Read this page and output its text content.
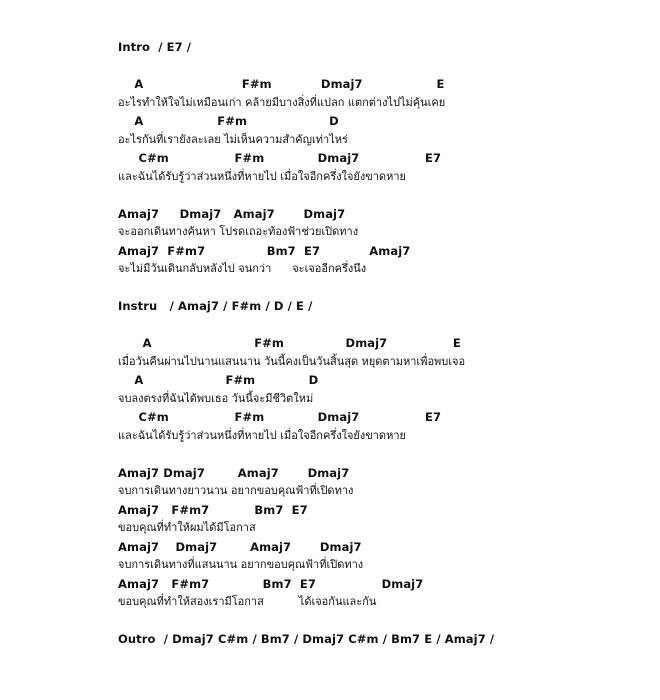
Intro  / E7 /
A                        F#m            Dmaj7                  E
อะไรทำให้ใจไม่เหมือนเก่า คล้ายมีบางสิ่งที่แปลก แตกต่างไปไม่คุ้นเคย
A                  F#m                    D
อะไรกันที่เรายังละเลย ไม่เห็นความสำคัญเท่าไหร่
C#m                F#m             Dmaj7                E7
และฉันได้รับรู้ว่าส่วนหนึ่งที่หายไป เมื่อใจอีกครึ่งใจยังขาดหาย
Amaj7     Dmaj7   Amaj7       Dmaj7
จะออกเดินทางค้นหา โปรดเถอะท้องฟ้าช่วยเปิดทาง
Amaj7  F#m7               Bm7  E7            Amaj7
จะไม่มีวันเดินกลับหลังไป จนกว่า      จะเจออีกครึ่งนึง
Instru   / Amaj7 / F#m / D / E /
A                         F#m               Dmaj7                E
เมื่อวันคืนผ่านไปนานแสนนาน วันนี้คงเป็นวันสิ้นสุด หยุดตามหาเพื่อพบเจอ
A                    F#m             D
จบลงตรงที่ฉันได้พบเธอ วันนี้จะมีชีวิตใหม่
C#m                F#m             Dmaj7                E7
และฉันได้รับรู้ว่าส่วนหนึ่งที่หายไป เมื่อใจอีกครึ่งใจยังขาดหาย
Amaj7 Dmaj7        Amaj7       Dmaj7
จบการเดินทางยาวนาน อยากขอบคุณฟ้าที่เปิดทาง
Amaj7   F#m7           Bm7  E7
ขอบคุณที่ทำให้ผมได้มีโอกาส
Amaj7    Dmaj7        Amaj7       Dmaj7
จบการเดินทางที่แสนนาน อยากขอบคุณฟ้าที่เปิดทาง
Amaj7   F#m7             Bm7  E7                Dmaj7
ขอบคุณที่ทำให้สองเรามีโอกาส          ได้เจอกันและกัน
Outro  / Dmaj7 C#m / Bm7 / Dmaj7 C#m / Bm7 E / Amaj7 /
